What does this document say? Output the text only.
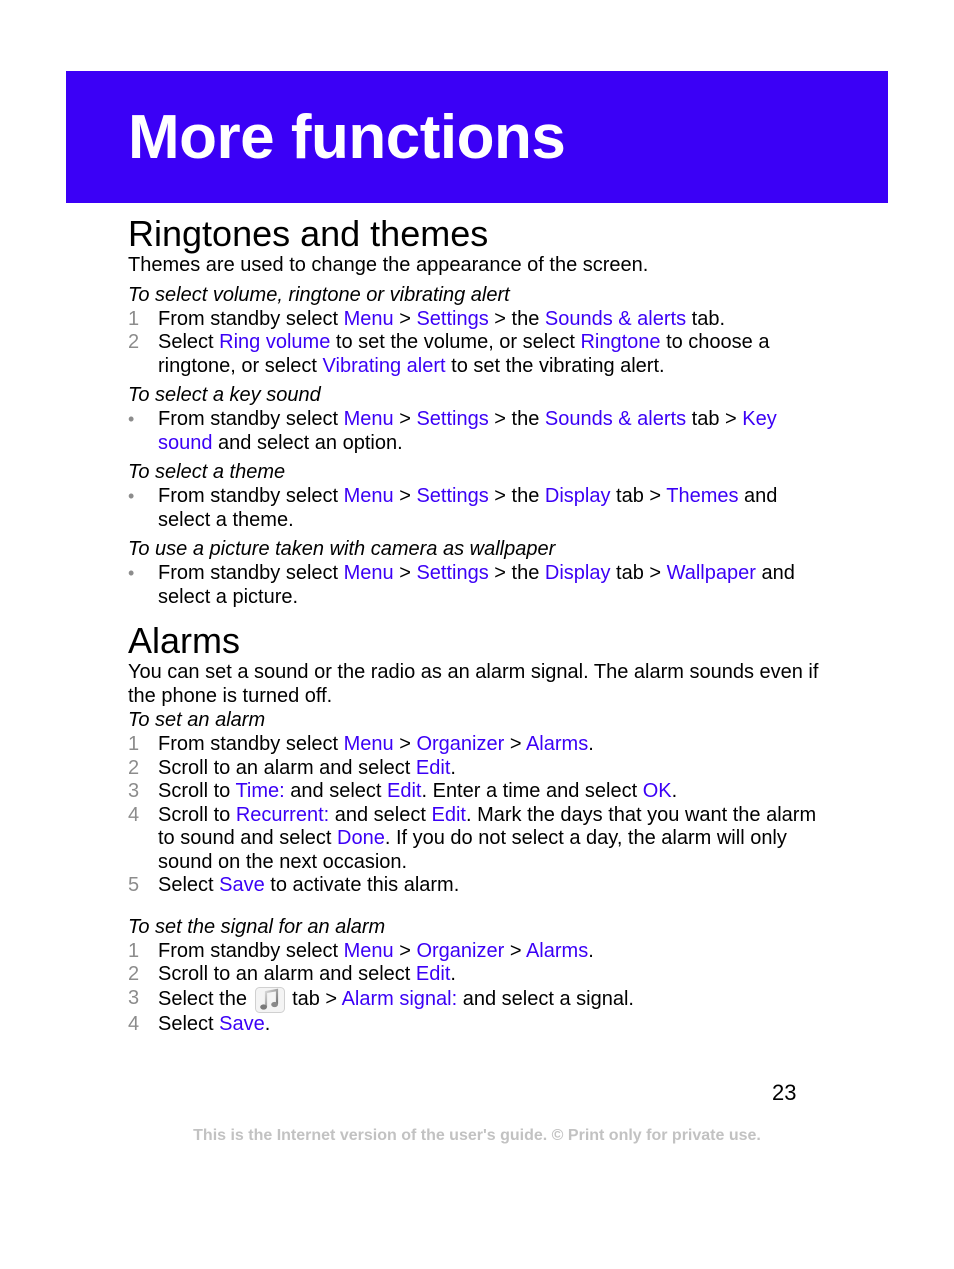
More functions
Ringtones and themes

Themes are used to change the appearance of the screen.

To select volume, ringtone or vibrating alert

1 From standby select Menu > Settings > the Sounds & alerts tab.
2 Select Ring volume to set the volume, or select Ringtone to choose a ringtone, or select Vibrating alert to set the vibrating alert.

To select a key sound

• From standby select Menu > Settings > the Sounds & alerts tab > Key sound and select an option.

To select a theme

• From standby select Menu > Settings > the Display tab > Themes and select a theme.

To use a picture taken with camera as wallpaper

• From standby select Menu > Settings > the Display tab > Wallpaper and select a picture.
Alarms

You can set a sound or the radio as an alarm signal. The alarm sounds even if the phone is turned off.

To set an alarm

1 From standby select Menu > Organizer > Alarms.
2 Scroll to an alarm and select Edit.
3 Scroll to Time: and select Edit. Enter a time and select OK.
4 Scroll to Recurrent: and select Edit. Mark the days that you want the alarm to sound and select Done. If you do not select a day, the alarm will only sound on the next occasion.
5 Select Save to activate this alarm.

To set the signal for an alarm

1 From standby select Menu > Organizer > Alarms.
2 Scroll to an alarm and select Edit.
3 Select the  tab > Alarm signal: and select a signal.
4 Select Save.
23
This is the Internet version of the user's guide. © Print only for private use.
